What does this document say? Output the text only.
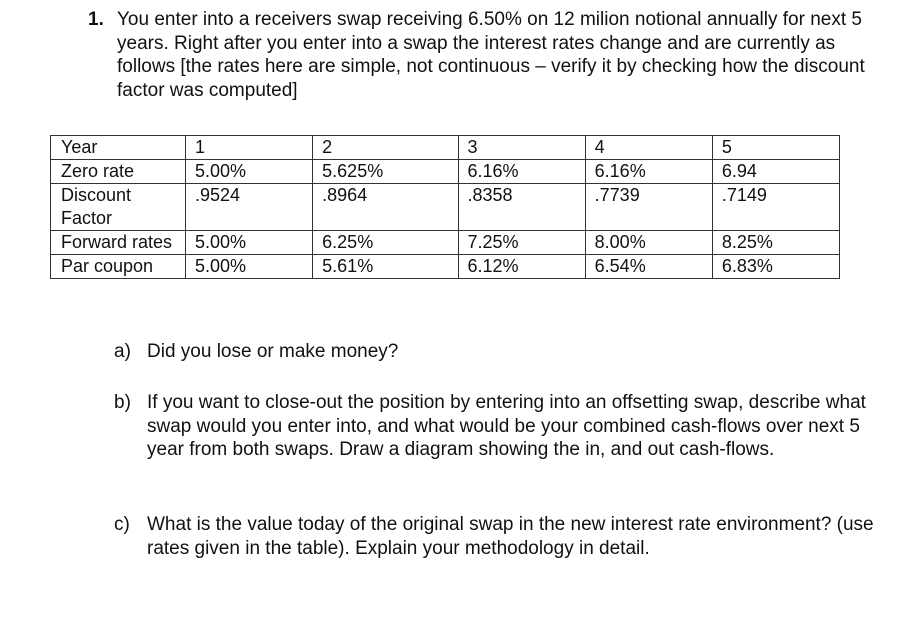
1. You enter into a receivers swap receiving 6.50% on 12 milion notional annually for next 5 years. Right after you enter into a swap the interest rates change and are currently as follows [the rates here are simple, not continuous – verify it by checking how the discount factor was computed]
Year	1	2	3	4	5
Zero rate	5.00%	5.625%	6.16%	6.16%	6.94
Discount Factor	.9524	.8964	.8358	.7739	.7149
Forward rates	5.00%	6.25%	7.25%	8.00%	8.25%
Par coupon	5.00%	5.61%	6.12%	6.54%	6.83%
a) Did you lose or make money?
b) If you want to close-out the position by entering into an offsetting swap, describe what swap would you enter into, and what would be your combined cash-flows over next 5 year from both swaps. Draw a diagram showing the in, and out cash-flows.
c) What is the value today of the original swap in the new interest rate environment? (use rates given in the table). Explain your methodology in detail.
